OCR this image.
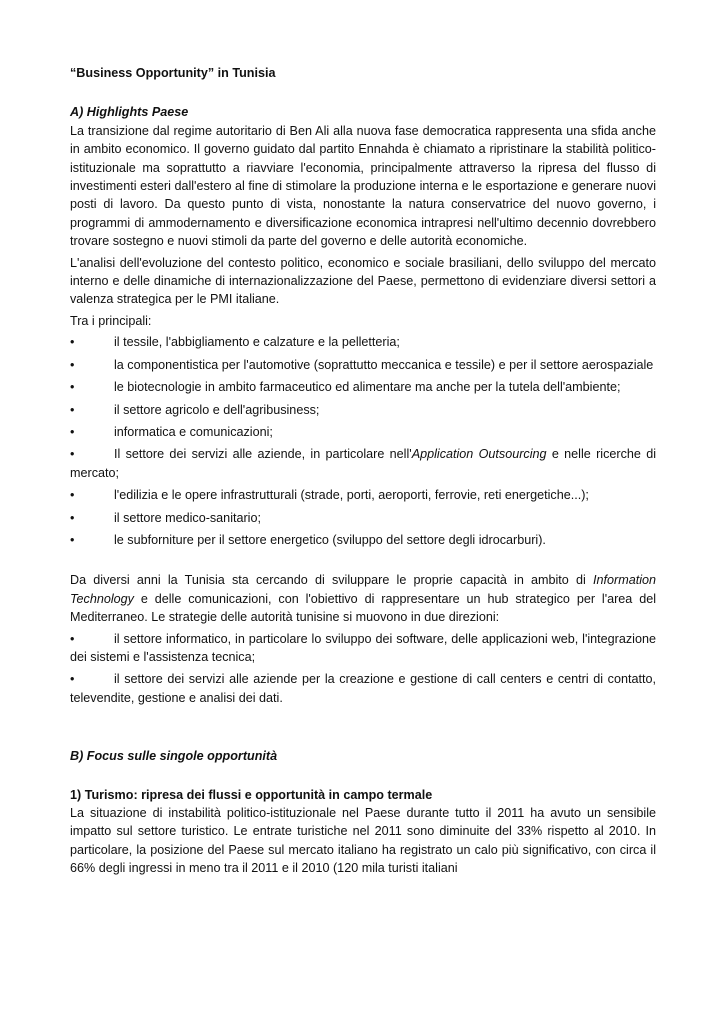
“Business Opportunity” in Tunisia

A) Highlights Paese

La transizione dal regime autoritario di Ben Ali alla nuova fase democratica rappresenta una sfida anche in ambito economico. Il governo guidato dal partito Ennahda è chiamato a ripristinare la stabilità politico-istituzionale ma soprattutto a riavviare l'economia, principalmente attraverso la ripresa del flusso di investimenti esteri dall'estero al fine di stimolare la produzione interna e le esportazione e generare nuovi posti di lavoro. Da questo punto di vista, nonostante la natura conservatrice del nuovo governo, i programmi di ammodernamento e diversificazione economica intrapresi nell'ultimo decennio dovrebbero trovare sostegno e nuovi stimoli da parte del governo e delle autorità economiche.

L'analisi dell'evoluzione del contesto politico, economico e sociale brasiliani, dello sviluppo del mercato interno e delle dinamiche di internazionalizzazione del Paese, permettono di evidenziare diversi settori a valenza strategica per le PMI italiane.

Tra i principali:

•	il tessile, l'abbigliamento e calzature e la pelletteria;
•	la componentistica per l'automotive (soprattutto meccanica e tessile) e per il settore aerospaziale
•	le biotecnologie in ambito farmaceutico ed alimentare ma anche per la tutela dell'ambiente;
•	il settore agricolo e dell'agribusiness;
•	informatica e comunicazioni;
•	Il settore dei servizi alle aziende, in particolare nell'Application Outsourcing e nelle ricerche di mercato;
•	l'edilizia e le opere infrastrutturali (strade, porti, aeroporti, ferrovie, reti energetiche...);
•	il settore medico-sanitario;
•	le subforniture per il settore energetico (sviluppo del settore degli idrocarburi).

Da diversi anni la Tunisia sta cercando di sviluppare le proprie capacità in ambito di Information Technology e delle comunicazioni, con l'obiettivo di rappresentare un hub strategico per l'area del Mediterraneo. Le strategie delle autorità tunisine si muovono in due direzioni:

•	il settore informatico, in particolare lo sviluppo dei software, delle applicazioni web, l'integrazione dei sistemi e l'assistenza tecnica;
•	il settore dei servizi alle aziende per la creazione e gestione di call centers e centri di contatto, televendite, gestione e analisi dei dati.
B) Focus sulle singole opportunità
1) Turismo: ripresa dei flussi e opportunità in campo termale

La situazione di instabilità politico-istituzionale nel Paese durante tutto il 2011 ha avuto un sensibile impatto sul settore turistico. Le entrate turistiche nel 2011 sono diminuite del 33% rispetto al 2010. In particolare, la posizione del Paese sul mercato italiano ha registrato un calo più significativo, con circa il 66% degli ingressi in meno tra il 2011 e il 2010 (120 mila turisti italiani
